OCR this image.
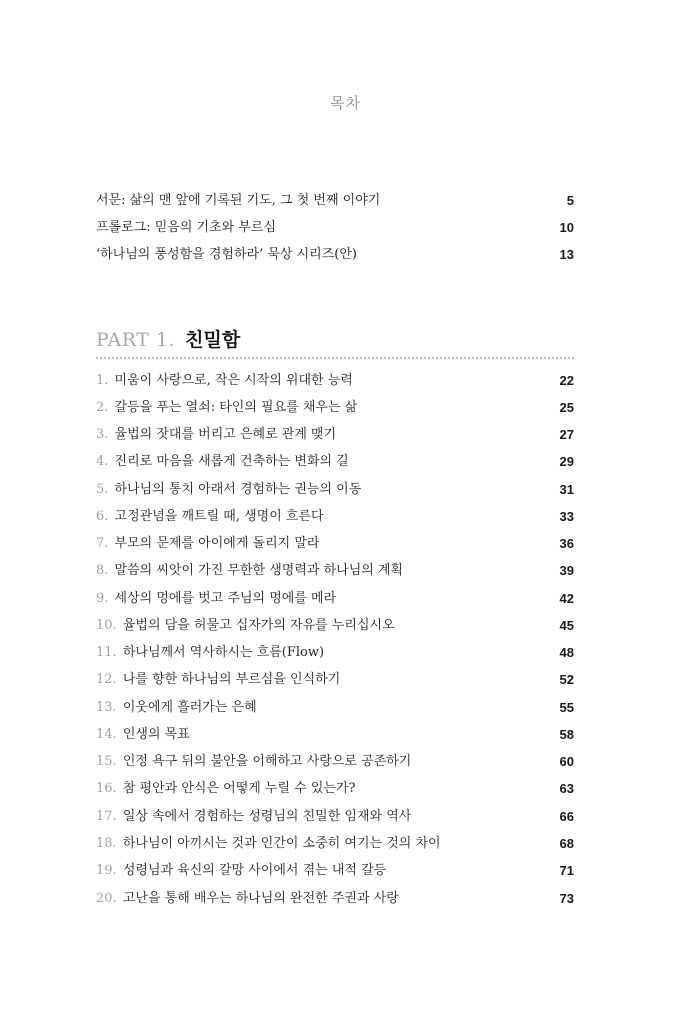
목차
서문: 삶의 맨 앞에 기록된 기도, 그 첫 번째 이야기	5
프롤로그: 믿음의 기초와 부르심	10
‘하나님의 풍성함을 경험하라’ 묵상 시리즈(안)	13
PART 1. 친밀함
1. 미움이 사랑으로, 작은 시작의 위대한 능력	22
2. 갈등을 푸는 열쇠: 타인의 필요를 채우는 삶	25
3. 율법의 잣대를 버리고 은혜로 관계 맺기	27
4. 진리로 마음을 새롭게 건축하는 변화의 길	29
5. 하나님의 통치 아래서 경험하는 권능의 이동	31
6. 고정관념을 깨트릴 때, 생명이 흐른다	33
7. 부모의 문제를 아이에게 돌리지 말라	36
8. 말씀의 씨앗이 가진 무한한 생명력과 하나님의 계획	39
9. 세상의 멍에를 벗고 주님의 멍에를 메라	42
10. 율법의 담을 허물고 십자가의 자유를 누리십시오	45
11. 하나님께서 역사하시는 흐름(Flow)	48
12. 나를 향한 하나님의 부르심을 인식하기	52
13. 이웃에게 흘러가는 은혜	55
14. 인생의 목표	58
15. 인정 욕구 뒤의 불안을 이해하고 사랑으로 공존하기	60
16. 참 평안과 안식은 어떻게 누릴 수 있는가?	63
17. 일상 속에서 경험하는 성령님의 친밀한 임재와 역사	66
18. 하나님이 아끼시는 것과 인간이 소중히 여기는 것의 차이	68
19. 성령님과 육신의 갈망 사이에서 겪는 내적 갈등	71
20. 고난을 통해 배우는 하나님의 완전한 주권과 사랑	73
